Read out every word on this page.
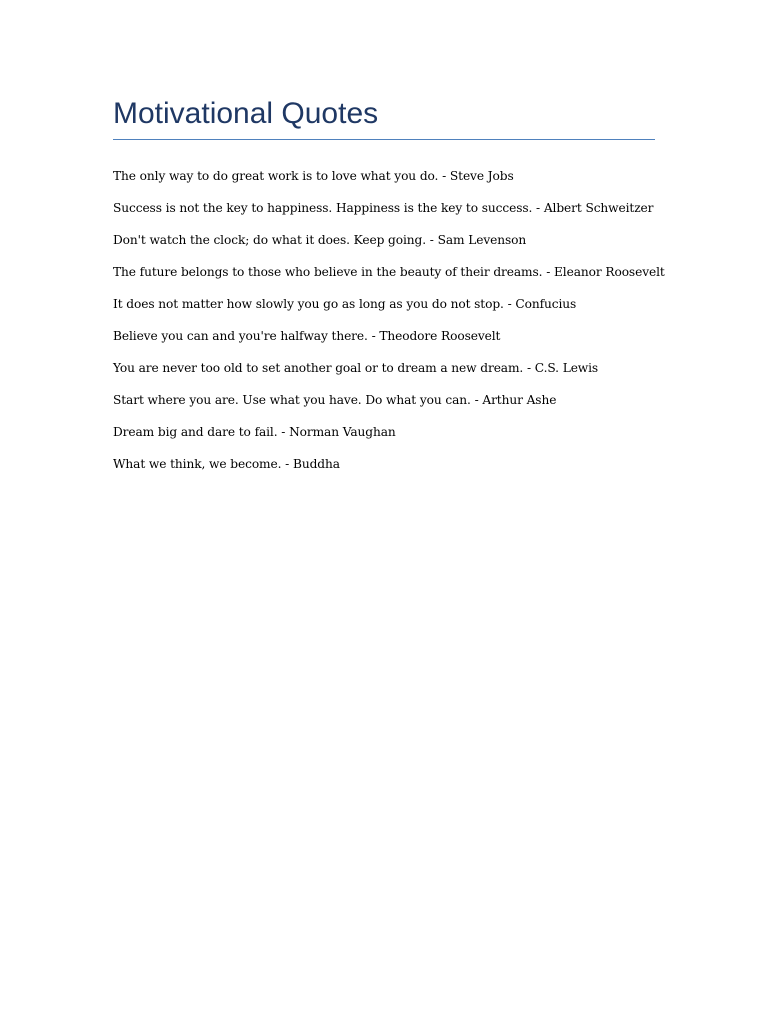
Motivational Quotes
The only way to do great work is to love what you do. - Steve Jobs
Success is not the key to happiness. Happiness is the key to success. - Albert Schweitzer
Don't watch the clock; do what it does. Keep going. - Sam Levenson
The future belongs to those who believe in the beauty of their dreams. - Eleanor Roosevelt
It does not matter how slowly you go as long as you do not stop. - Confucius
Believe you can and you're halfway there. - Theodore Roosevelt
You are never too old to set another goal or to dream a new dream. - C.S. Lewis
Start where you are. Use what you have. Do what you can. - Arthur Ashe
Dream big and dare to fail. - Norman Vaughan
What we think, we become. - Buddha
